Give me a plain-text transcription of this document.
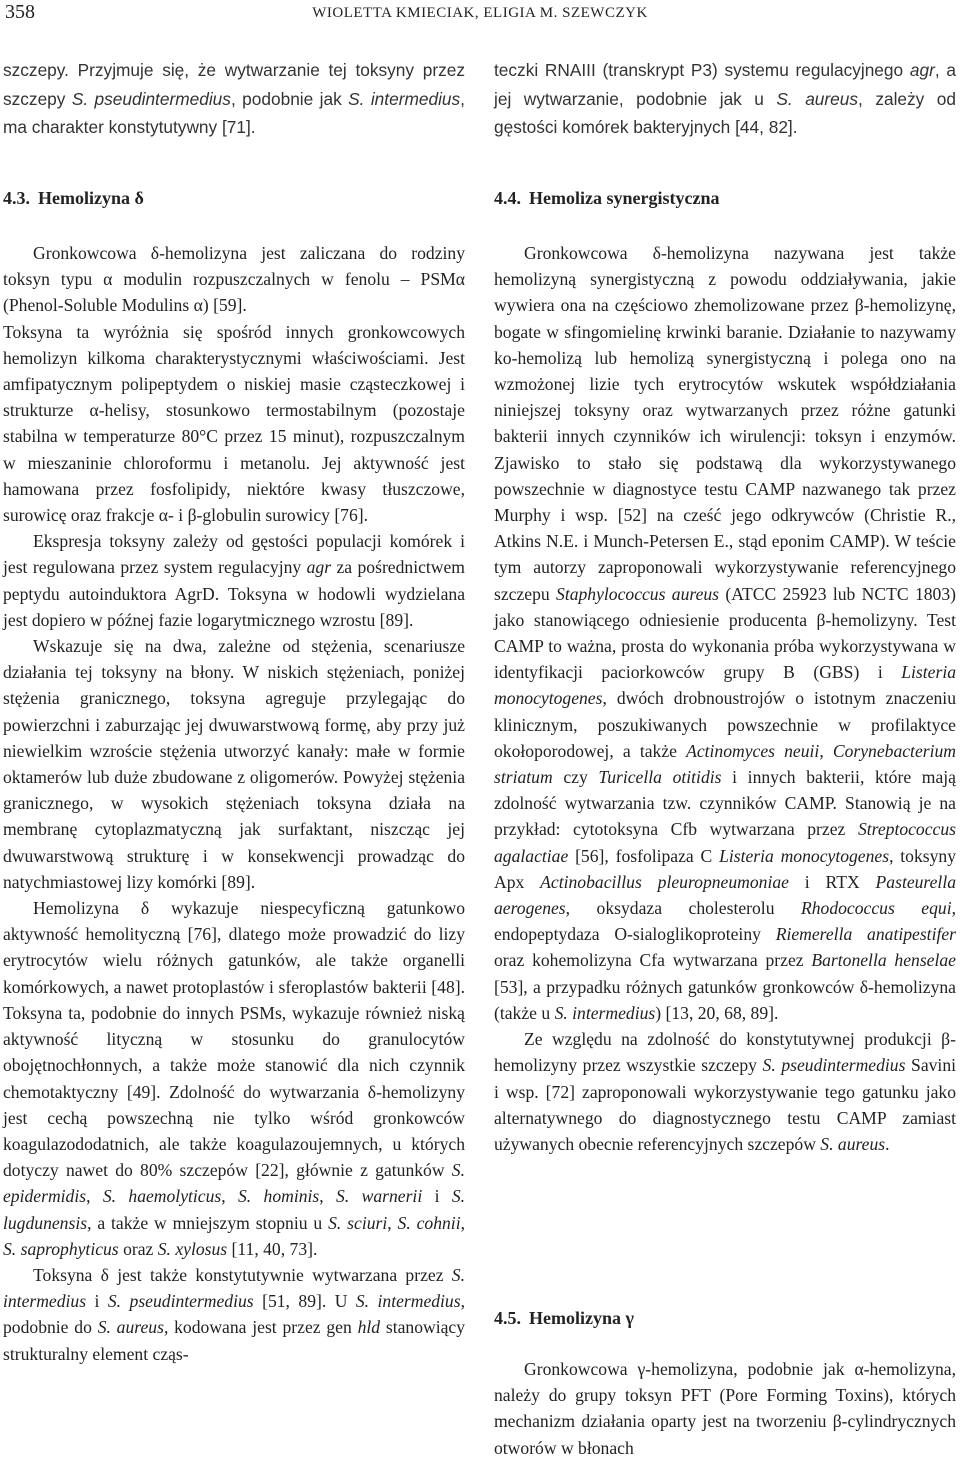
358	WIOLETTA KMIECIAK, ELIGIA M. SZEWCZYK
szczepy. Przyjmuje się, że wytwarzanie tej toksyny przez szczepy S. pseudintermedius, podobnie jak S. intermedius, ma charakter konstytutywny [71].
4.3. Hemolizyna δ

Gronkowcowa δ-hemolizyna jest zaliczana do rodziny toksyn typu α modulin rozpuszczalnych w fenolu – PSMα (Phenol-Soluble Modulins α) [59].

Toksyna ta wyróżnia się spośród innych gronkowcowych hemolizyn kilkoma charakterystycznymi właściwościami. Jest amfipatycznym polipeptydem o niskiej masie cząsteczkowej i strukturze α-helisy, stosunkowo termostabilnym (pozostaje stabilna w temperaturze 80°C przez 15 minut), rozpuszczalnym w mieszaninie chloroformu i metanolu. Jej aktywność jest hamowana przez fosfolipidy, niektóre kwasy tłuszczowe, surowicę oraz frakcje α- i β-globulin surowicy [76].

Ekspresja toksyny zależy od gęstości populacji komórek i jest regulowana przez system regulacyjny agr za pośrednictwem peptydu autoinduktora AgrD. Toksyna w hodowli wydzielana jest dopiero w późnej fazie logarytmicznego wzrostu [89].

Wskazuje się na dwa, zależne od stężenia, scenariusze działania tej toksyny na błony. W niskich stężeniach, poniżej stężenia granicznego, toksyna agreguje przylegając do powierzchni i zaburzając jej dwuwarstwową formę, aby przy już niewielkim wzroście stężenia utworzyć kanały: małe w formie oktamerów lub duże zbudowane z oligomerów. Powyżej stężenia granicznego, w wysokich stężeniach toksyna działa na membranę cytoplazmatyczną jak surfaktant, niszcząc jej dwuwarstwową strukturę i w konsekwencji prowadząc do natychmiastowej lizy komórki [89].

Hemolizyna δ wykazuje niespecyficzną gatunkowo aktywność hemolityczną [76], dlatego może prowadzić do lizy erytrocytów wielu różnych gatunków, ale także organelli komórkowych, a nawet protoplastów i sferoplastów bakterii [48]. Toksyna ta, podobnie do innych PSMs, wykazuje również niską aktywność lityczną w stosunku do granulocytów obojętnochłonnych, a także może stanowić dla nich czynnik chemotaktyczny [49]. Zdolność do wytwarzania δ-hemolizyny jest cechą powszechną nie tylko wśród gronkowców koagulazododatnich, ale także koagulazoujemnych, u których dotyczy nawet do 80% szczepów [22], głównie z gatunków S. epidermidis, S. haemolyticus, S. hominis, S. warnerii i S. lugdunensis, a także w mniejszym stopniu u S. sciuri, S. cohnii, S. saprophyticus oraz S. xylosus [11, 40, 73].

Toksyna δ jest także konstytutywnie wytwarzana przez S. intermedius i S. pseudintermedius [51, 89]. U S. intermedius, podobnie do S. aureus, kodowana jest przez gen hld stanowiący strukturalny element cząs-

teczki RNAIII (transkrypt P3) systemu regulacyjnego agr, a jej wytwarzanie, podobnie jak u S. aureus, zależy od gęstości komórek bakteryjnych [44, 82].
4.4. Hemoliza synergistyczna

Gronkowcowa δ-hemolizyna nazywana jest także hemolizyną synergistyczną z powodu oddziaływania, jakie wywiera ona na częściowo zhemolizowane przez β-hemolizynę, bogate w sfingomielinę krwinki baranie. Działanie to nazywamy ko-hemolizą lub hemolizą synergistyczną i polega ono na wzmożonej lizie tych erytrocytów wskutek współdziałania niniejszej toksyny oraz wytwarzanych przez różne gatunki bakterii innych czynników ich wirulencji: toksyn i enzymów. Zjawisko to stało się podstawą dla wykorzystywanego powszechnie w diagnostyce testu CAMP nazwanego tak przez Murphy i wsp. [52] na cześć jego odkrywców (Christie R., Atkins N.E. i Munch-Petersen E., stąd eponim CAMP). W teście tym autorzy zaproponowali wykorzystywanie referencyjnego szczepu Staphylococcus aureus (ATCC 25923 lub NCTC 1803) jako stanowiącego odniesienie producenta β-hemolizyny. Test CAMP to ważna, prosta do wykonania próba wykorzystywana w identyfikacji paciorkowców grupy B (GBS) i Listeria monocytogenes, dwóch drobnoustrojów o istotnym znaczeniu klinicznym, poszukiwanych powszechnie w profilaktyce okołoporodowej, a także Actinomyces neuii, Corynebacterium striatum czy Turicella otitidis i innych bakterii, które mają zdolność wytwarzania tzw. czynników CAMP. Stanowią je na przykład: cytotoksyna Cfb wytwarzana przez Streptococcus agalactiae [56], fosfolipaza C Listeria monocytogenes, toksyny Apx Actinobacillus pleuropneumoniae i RTX Pasteurella aerogenes, oksydaza cholesterolu Rhodococcus equi, endopeptydaza O-sialoglikoproteiny Riemerella anatipestifer oraz kohemolizyna Cfa wytwarzana przez Bartonella henselae [53], a przypadku różnych gatunków gronkowców δ-hemolizyna (także u S. intermedius) [13, 20, 68, 89].

Ze względu na zdolność do konstytutywnej produkcji β-hemolizyny przez wszystkie szczepy S. pseudintermedius Savini i wsp. [72] zaproponowali wykorzystywanie tego gatunku jako alternatywnego do diagnostycznego testu CAMP zamiast używanych obecnie referencyjnych szczepów S. aureus.

4.5. Hemolizyna γ

Gronkowcowa γ-hemolizyna, podobnie jak α-hemolizyna, należy do grupy toksyn PFT (Pore Forming Toxins), których mechanizm działania oparty jest na tworzeniu β-cylindrycznych otworów w błonach
